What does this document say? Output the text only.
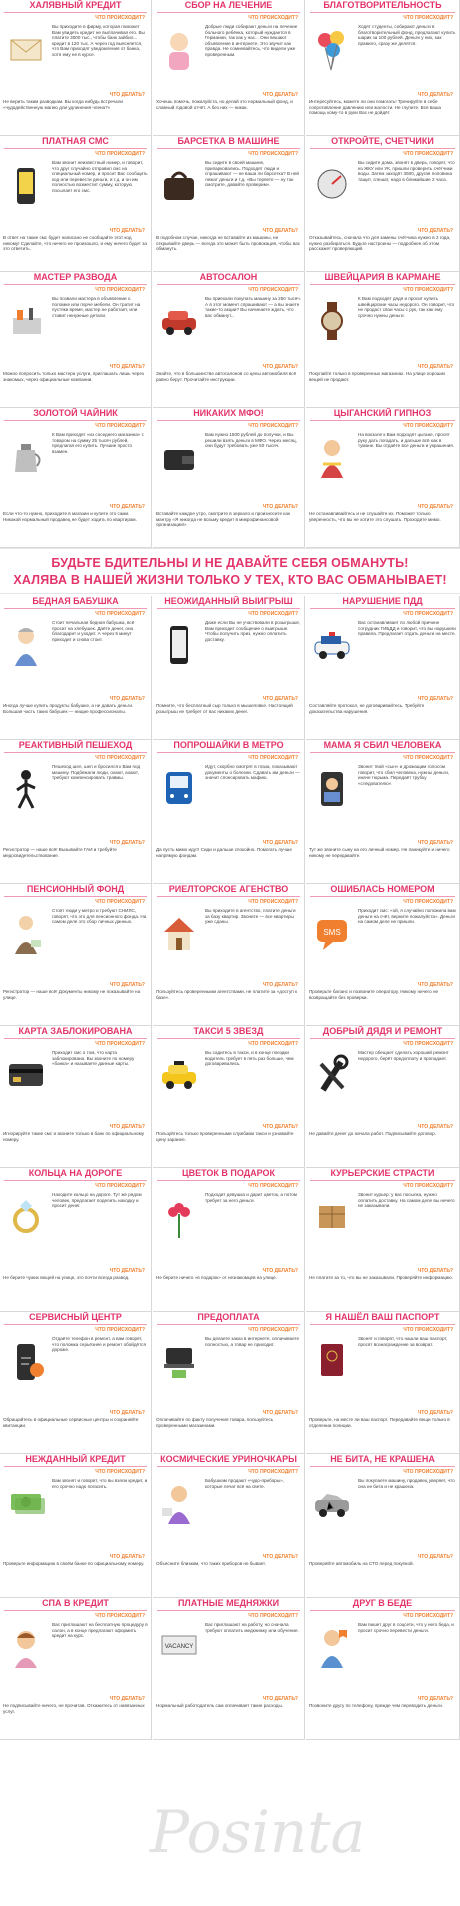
БУДЬТЕ БДИТЕЛЬНЫ И НЕ ДАВАЙТЕ СЕБЯ ОБМАНУТЬ!
ХАЛЯВА В НАШЕЙ ЖИЗНИ ТОЛЬКО У ТЕХ, КТО ВАС ОБМАНЫВАЕТ!
ХАЛЯВНЫЙ КРЕДИТ
ЧТО ПРОИСХОДИТ?
Вы приходите в фирму, которая поможет Вам увидеть кредит не выплачивая его. Вы платите 3000 тыс., чтобы банк зайбил... кредит в 120 тыс. А через год выясняется, что Вам приходят уведомления от банка, хотя ему не в курсе.
ЧТО ДЕЛАТЬ?
Не верить таким разводкам. Вы когда нибудь встречали «чудодейственную магию дли удлинения члена?»
СБОР НА ЛЕЧЕНИЕ
ЧТО ПРОИСХОДИТ?
Добрые люди собирают деньги на лечение больного ребёнка, который нуждается в Германии, так как у нас... Они вешают объявление в интернете. Это звучит как правда. Не сомневайтесь, что видели уже проверенным.
ЧТО ДЕЛАТЬ?
Хочешь помочь, пожалуйста, но делай это нормальный фонд, и славный годовой отчёт. А без них — никак.
БЛАГОТВОРИТЕЛЬНОСТЬ
ЧТО ПРОИСХОДИТ?
Ходят студенты, собирают деньги в благотворительный фонд, предлагают купить шарик за 100 рублей. Деньги у них, как правило, сразу же делятся.
ЧТО ДЕЛАТЬ?
Интересуйтесь, можете ли они помогать! Тренируйте в себе сопротивление давлению или жалости. Не глупите. Вся ваша помощь кому-то в руки Вас не дойдёт.
ПЛАТНАЯ СМС
ЧТО ПРОИСХОДИТ?
Вам звонит неизвестный номер, и говорит, что друг случайно отправил смс на специальный номер, и просит Вас сообщить код или перевести деньги, и т.д. и он им полностью возместит сумму, которую посылает его смс.
ЧТО ДЕЛАТЬ?
В ответ на такие смс будет написано не сообщайте этот код никому! Сделайте, что ничего не произошло, и ему ничего будет за это ответить.
БАРСЕТКА В МАШИНЕ
ЧТО ПРОИСХОДИТ?
Вы сидите в своей машине, припарковались. Подходят люди и спрашивают — не ваша ли барсетка? В ней лежат деньги и т.д. «Вы теряете — ну так смотрите, давайте проверим».
ЧТО ДЕЛАТЬ?
В подобном случае, никогда не вставайте из машины, не открывайте дверь — всегда это может быть провокация, чтобы вас обмануть.
ОТКРОЙТЕ, СЧЕТЧИКИ
ЧТО ПРОИСХОДИТ?
Вы сидите дома, звонят в дверь, говорят, что из ЖКУ или УК, пришли проверить счётчики воды. Затем заходят 3500, другая половина тащит, спешат, надо в ближайшие 2 часа.
ЧТО ДЕЛАТЬ?
Отказывайтесь, сначала что для замены счётчика нужно в 2 года, нужно разбираться. Будьте настроены — подробнее об этом расскажет проверяющий.
МАСТЕР РАЗВОДА
ЧТО ПРОИСХОДИТ?
Вы позвали мастера в объявлении о поломке или порче мебели. Он тратит на пустяки время, мастер не работает, или ставит ненужные детали.
ЧТО ДЕЛАТЬ?
Можно попросить только мастера услуги, приглашать лишь через знакомых, через официальные компании.
АВТОСАЛОН
ЧТО ПРОИСХОДИТ?
Вы приехали покупать машину за 250 тысяч. А в этот момент спрашивают — а вы знаете такие-то акции? Вы начинаете ждать, что вас обманут...
ЧТО ДЕЛАТЬ?
Знайте, что в большинстве автосалонов со цены автомобиля всё равно берут. Прочитайте инструкции.
ШВЕЙЦАРИЯ В КАРМАНЕ
ЧТО ПРОИСХОДИТ?
К Вам подходят дядя и просит купить швейцарские часы недорого. Он говорит, что не продаст свои часы с рук, так как ему срочно нужны деньги.
ЧТО ДЕЛАТЬ?
Покупайте только в проверенных магазинах. На улице хороших вещей не продают.
ЗОЛОТОЙ ЧАЙНИК
ЧТО ПРОИСХОДИТ?
К Вам приходят «из соседнего магазина» с товаром на сумму 25 тысяч рублей, предлагая его купить. Лучшие просто взамен.
ЧТО ДЕЛАТЬ?
Если что-то нужно, приходите в магазин и купите это сами. Никакой нормальный продавец не будет ходить по квартирам.
НИКАКИХ МФО!
ЧТО ПРОИСХОДИТ?
Вам нужно 1500 рублей до получки, и Вы решили взять деньги в МФО. Через месяц, они будут требовать уже 50 тысяч.
ЧТО ДЕЛАТЬ?
Вставайте каждое утро, смотрите в зеркало и произносите как мантру «Я никогда не возьму кредит в микрофинансовой организации!»
ЦЫГАНСКИЙ ГИПНОЗ
ЧТО ПРОИСХОДИТ?
На вокзале к Вам подходят цыгане, просят руку дать погадать, и дальше всё как в тумане. Вы отдаёте все деньги и украшения.
ЧТО ДЕЛАТЬ?
Не останавливайтесь и не слушайте их. Поможет только уверенность, что вы не хотите это слушать. Проходите мимо.
БЕДНАЯ БАБУШКА
ЧТО ПРОИСХОДИТ?
Стоит печальная бедная бабушка, всё просит на хлебушек. Даёте денег, она благодарит и уходит. А через 5 минут приходит и снова стоит.
ЧТО ДЕЛАТЬ?
Иногда лучше купить продукты бабушке, а не давать деньги. Большая часть таких бабушек — нищие профессионалы.
НЕОЖИДАННЫЙ ВЫИГРЫШ
ЧТО ПРОИСХОДИТ?
Даже если Вы не участвовали в розыгрыше, Вам приходит сообщение о выигрыше. Чтобы получить приз, нужно оплатить доставку.
ЧТО ДЕЛАТЬ?
Помните, что бесплатный сыр только в мышеловке. Настоящий розыгрыш не требует от вас никаких денег.
НАРУШЕНИЕ ПДД
ЧТО ПРОИСХОДИТ?
Вас останавливает по любой причине сотрудник ГИБДД и говорит, что вы нарушили правила. Предлагает отдать деньги на месте.
ЧТО ДЕЛАТЬ?
Составляйте протокол, не договаривайтесь. Требуйте доказательства нарушения.
РЕАКТИВНЫЙ ПЕШЕХОД
ЧТО ПРОИСХОДИТ?
Пешеход шел, шел и бросился к Вам под машину. Подбежали люди, охают, ахают, требуют компенсировать травмы.
ЧТО ДЕЛАТЬ?
Регистратор — наше всё! Вызывайте ГАИ и требуйте медосвидетельствование.
ПОПРОШАЙКИ В МЕТРО
ЧТО ПРОИСХОДИТ?
Идут, скорбно смотрят в глаза, показывают документы о болезни. Сдавать им деньги — значит спонсировать мафию.
ЧТО ДЕЛАТЬ?
Да пусть мимо идут! Сиди и дальше спокойно. Помогать лучше напрямую фондам.
МАМА Я СБИЛ ЧЕЛОВЕКА
ЧТО ПРОИСХОДИТ?
Звонит твой «сын» и дрожащим голосом говорит, что сбил человека, нужны деньги, иначе тюрьма. Передаёт трубку «следователю».
ЧТО ДЕЛАТЬ?
Тут же звоните сыну на его личный номер. Не паникуйте и ничего никому не передавайте.
ПЕНСИОННЫЙ ФОНД
ЧТО ПРОИСХОДИТ?
Стоят люди у метро и требуют СНИЛС, говорят, что это для пенсионного фонда. На самом деле это сбор личных данных.
ЧТО ДЕЛАТЬ?
Регистратор — наше всё! Документы никому не показывайте на улице.
РИЕЛТОРСКОЕ АГЕНСТВО
ЧТО ПРОИСХОДИТ?
Вы приходите в агентство, платите деньги за базу квартир. Звоните — все квартиры уже сданы.
ЧТО ДЕЛАТЬ?
Пользуйтесь проверенными агентствами, не платите за «доступ к базе».
ОШИБЛАСЬ НОМЕРОМ
ЧТО ПРОИСХОДИТ?
SMS
Приходит смс: «ой, я случайно положила вам деньги на счёт, верните пожалуйста». Деньги на самом деле не пришли.
ЧТО ДЕЛАТЬ?
Проверьте баланс и позвоните оператору. Никому ничего не возвращайте без проверки.
КАРТА ЗАБЛОКИРОВАНА
ЧТО ПРОИСХОДИТ?
Приходит смс о том, что карта заблокирована. Вы звоните по номеру «банка» и называете данные карты.
ЧТО ДЕЛАТЬ?
Игнорируйте такие смс и звоните только в банк по официальному номеру.
ТАКСИ 5 ЗВЕЗД
ЧТО ПРОИСХОДИТ?
Вы садитесь в такси, и в конце поездки водитель требует в пять раз больше, чем договаривались.
ЧТО ДЕЛАТЬ?
Пользуйтесь только проверенными службами такси и узнавайте цену заранее.
ДОБРЫЙ ДЯДЯ И РЕМОНТ
ЧТО ПРОИСХОДИТ?
Мастер обещает сделать хороший ремонт недорого, берёт предоплату и пропадает.
ЧТО ДЕЛАТЬ?
Не давайте денег до начала работ. Подписывайте договор.
КОЛЬЦА НА ДОРОГЕ
ЧТО ПРОИСХОДИТ?
Находите кольцо на дороге. Тут же рядом человек, предлагает поделить находку и просит денег.
ЧТО ДЕЛАТЬ?
Не берите чужих вещей на улице, это почти всегда развод.
ЦВЕТОК В ПОДАРОК
ЧТО ПРОИСХОДИТ?
Подходит девушка и дарит цветок, а потом требует за него деньги.
ЧТО ДЕЛАТЬ?
Не берите ничего «в подарок» от незнакомцев на улице.
КУРЬЕРСКИЕ СТРАСТИ
ЧТО ПРОИСХОДИТ?
Звонит курьер: у вас посылка, нужно оплатить доставку. На самом деле вы ничего не заказывали.
ЧТО ДЕЛАТЬ?
Не платите за то, что вы не заказывали. Проверяйте информацию.
СЕРВИСНЫЙ ЦЕНТР
ЧТО ПРОИСХОДИТ?
Отдаёте телефон в ремонт, а вам говорят, что поломка серьёзнее и ремонт обойдётся дороже.
ЧТО ДЕЛАТЬ?
Обращайтесь в официальные сервисные центры и сохраняйте квитанции.
ПРЕДОПЛАТА
ЧТО ПРОИСХОДИТ?
Вы делаете заказ в интернете, оплачиваете полностью, а товар не приходит.
ЧТО ДЕЛАТЬ?
Оплачивайте по факту получения товара, пользуйтесь проверенными магазинами.
Я НАШЁЛ ВАШ ПАСПОРТ
ЧТО ПРОИСХОДИТ?
Звонят и говорят, что нашли ваш паспорт, просят вознаграждение за возврат.
ЧТО ДЕЛАТЬ?
Проверьте, на месте ли ваш паспорт. Передавайте вещи только в отделении полиции.
НЕЖДАННЫЙ КРЕДИТ
ЧТО ПРОИСХОДИТ?
Вам звонят и говорят, что вы взяли кредит, и его срочно надо погасить.
ЧТО ДЕЛАТЬ?
Проверьте информацию в своём банке по официальному номеру.
КОСМИЧЕСКИЕ УРИНОЧКАРЫ
ЧТО ПРОИСХОДИТ?
Бабушкам продают «чудо-приборы», которые лечат всё на свете.
ЧТО ДЕЛАТЬ?
Объясните близким, что таких приборов не бывает.
НЕ БИТА, НЕ КРАШЕНА
ЧТО ПРОИСХОДИТ?
Вы покупаете машину, продавец уверяет, что она не бита и не крашена.
ЧТО ДЕЛАТЬ?
Проверяйте автомобиль на СТО перед покупкой.
СПА В КРЕДИТ
ЧТО ПРОИСХОДИТ?
Вас приглашают на бесплатную процедуру в салон, а в конце предлагают оформить кредит на курс.
ЧТО ДЕЛАТЬ?
Не подписывайте ничего, не прочитав. Откажитесь от навязанных услуг.
ПЛАТНЫЕ МЕДНЯЖКИ
ЧТО ПРОИСХОДИТ?
VACANCY
Вас приглашают на работу, но сначала требуют оплатить медкнижку или обучение.
ЧТО ДЕЛАТЬ?
Нормальный работодатель сам оплачивает такие расходы.
ДРУГ В БЕДЕ
ЧТО ПРОИСХОДИТ?
Вам пишет друг в соцсети, что у него беда, и просит срочно перевести деньги.
ЧТО ДЕЛАТЬ?
Позвоните другу по телефону, прежде чем переводить деньги.
Posinta
